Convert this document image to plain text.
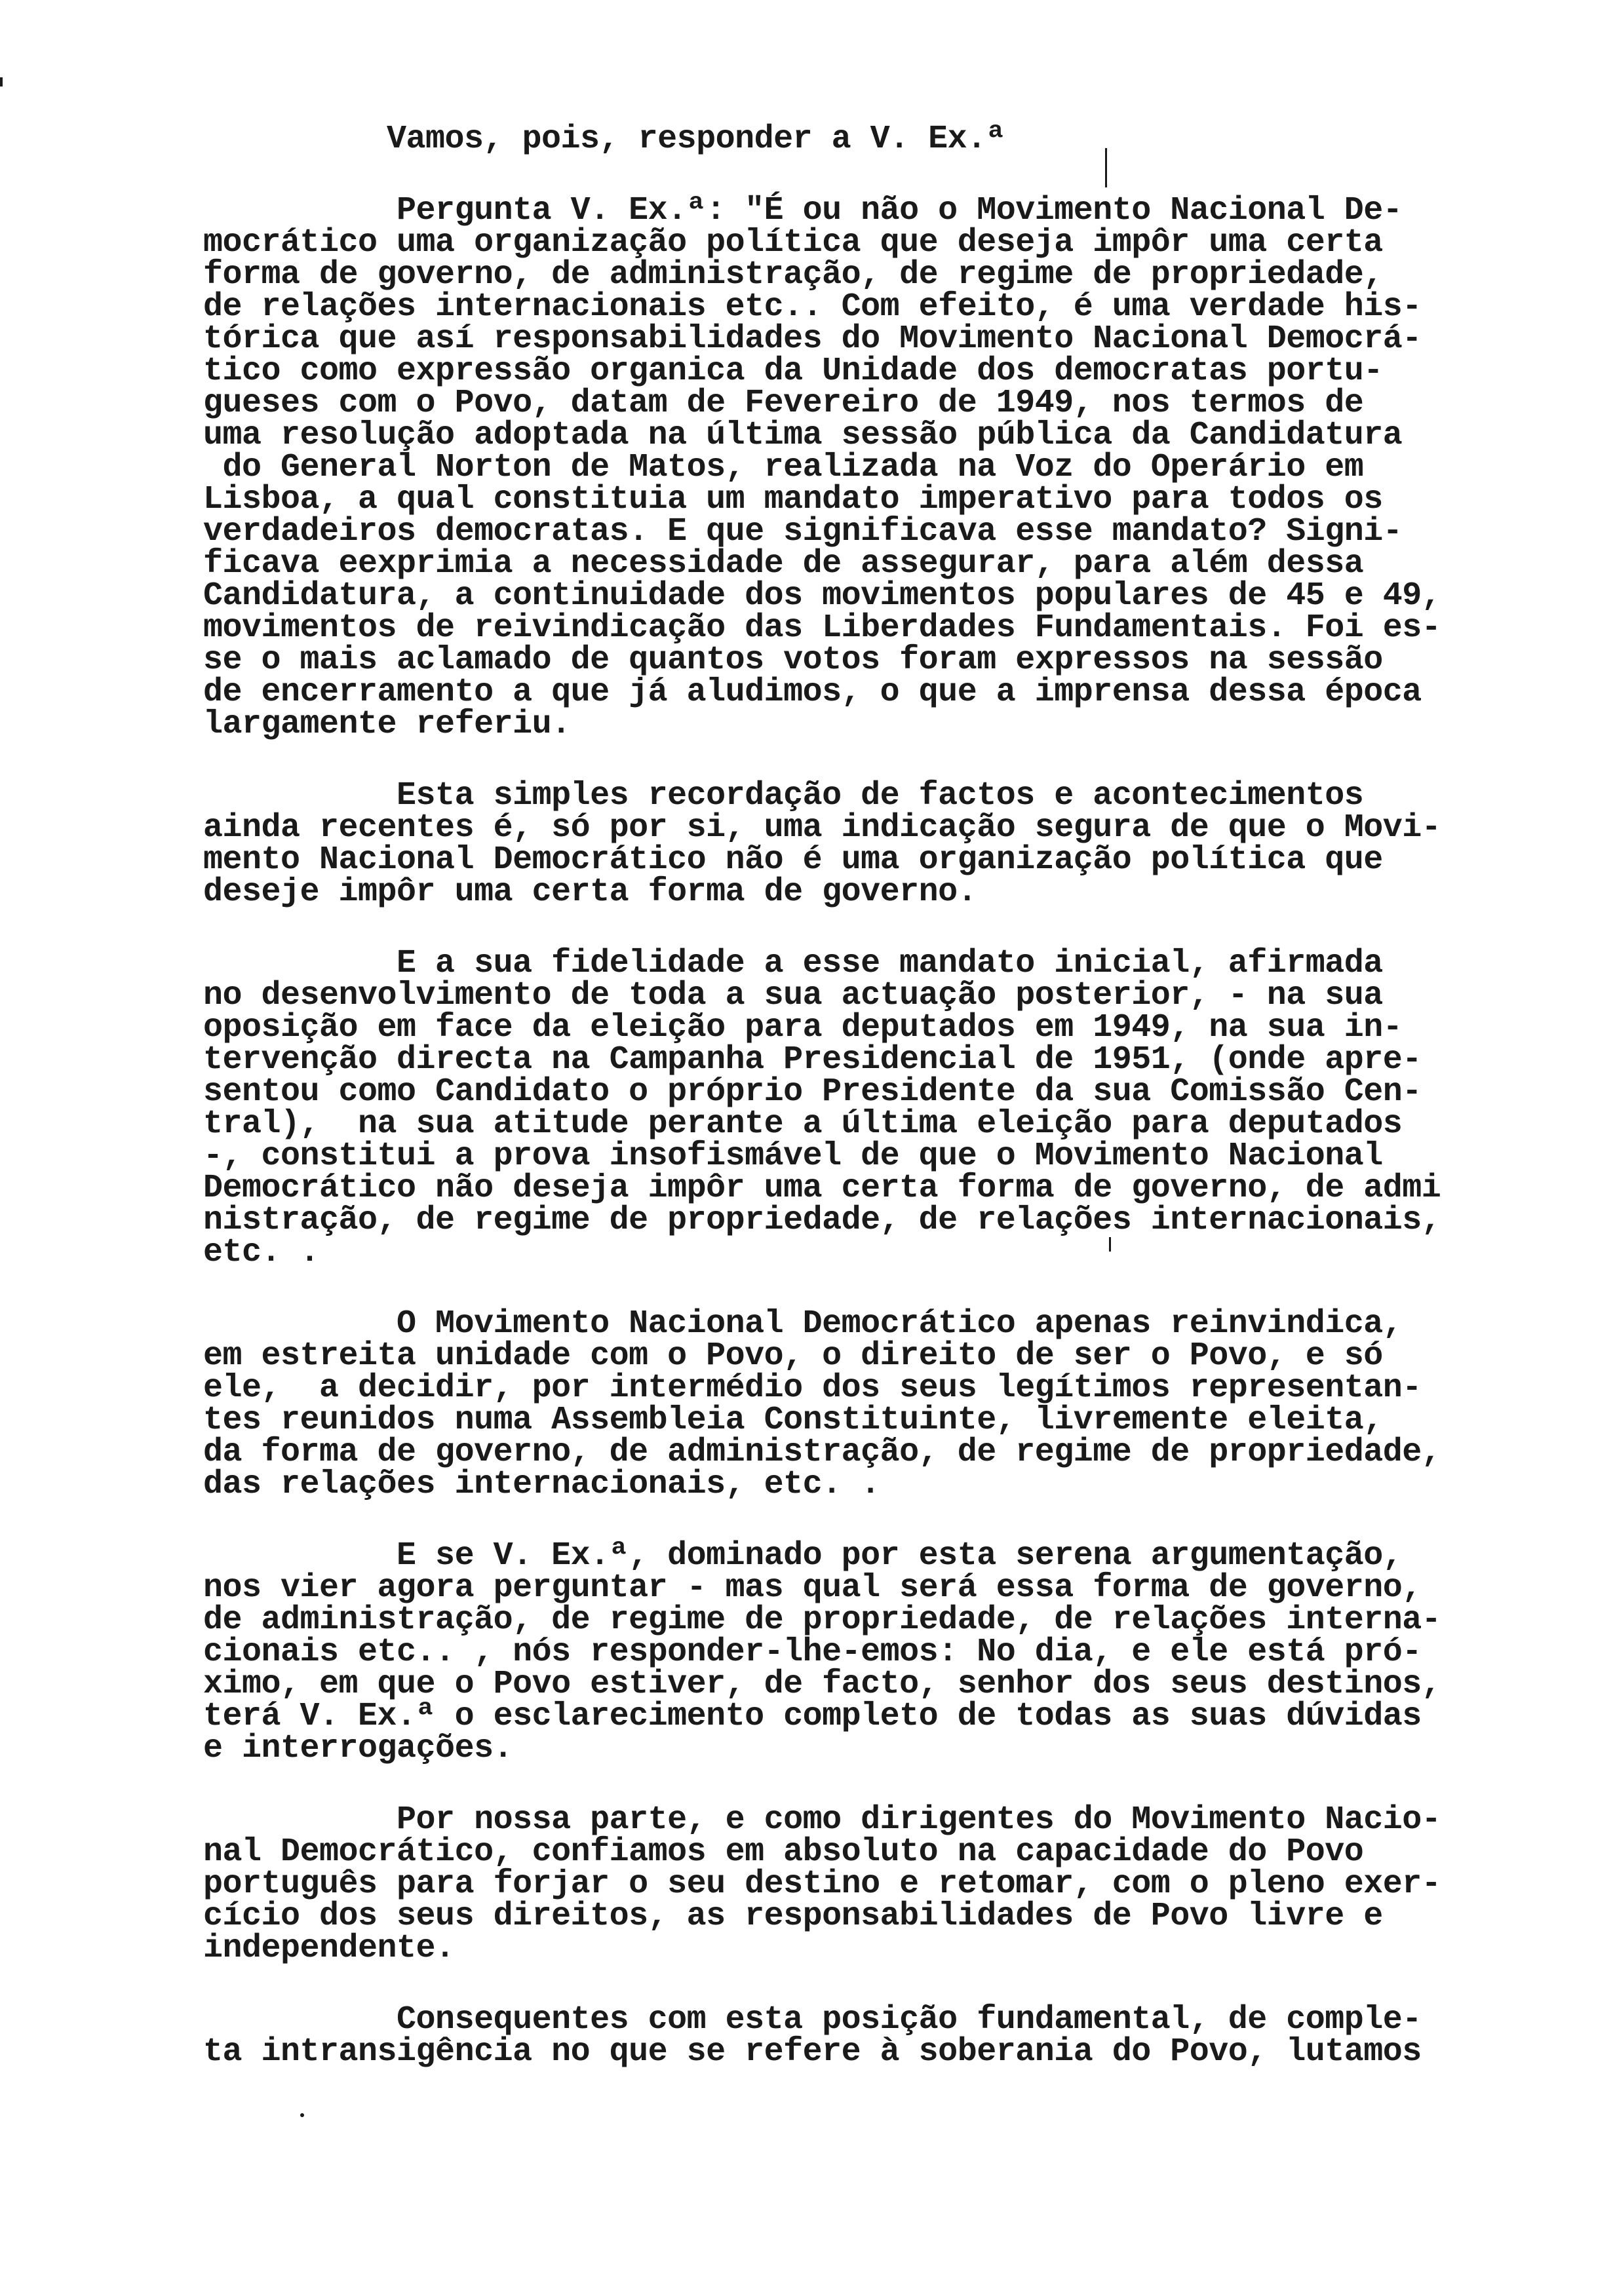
Vamos, pois, responder a V. Ex.ª
Pergunta V. Ex.ª: "É ou não o Movimento Nacional De-
mocrático uma organização política que deseja impôr uma certa
forma de governo, de administração, de regime de propriedade,
de relações internacionais etc.. Com efeito, é uma verdade his-
tórica que así responsabilidades do Movimento Nacional Democrá-
tico como expressão organica da Unidade dos democratas portu-
gueses com o Povo, datam de Fevereiro de 1949, nos termos de
uma resolução adoptada na última sessão pública da Candidatura
do General Norton de Matos, realizada na Voz do Operário em
Lisboa, a qual constituia um mandato imperativo para todos os
verdadeiros democratas. E que significava esse mandato? Signi-
ficava eexprimia a necessidade de assegurar, para além dessa
Candidatura, a continuidade dos movimentos populares de 45 e 49,
movimentos de reivindicação das Liberdades Fundamentais. Foi es-
se o mais aclamado de quantos votos foram expressos na sessão
de encerramento a que já aludimos, o que a imprensa dessa época
largamente referiu.
Esta simples recordação de factos e acontecimentos
ainda recentes é, só por si, uma indicação segura de que o Movi-
mento Nacional Democrático não é uma organização política que
deseje impôr uma certa forma de governo.
E a sua fidelidade a esse mandato inicial, afirmada
no desenvolvimento de toda a sua actuação posterior, - na sua
oposição em face da eleição para deputados em 1949, na sua in-
tervenção directa na Campanha Presidencial de 1951, (onde apre-
sentou como Candidato o próprio Presidente da sua Comissão Cen-
tral),  na sua atitude perante a última eleição para deputados
-, constitui a prova insofismável de que o Movimento Nacional
Democrático não deseja impôr uma certa forma de governo, de admi
nistração, de regime de propriedade, de relações internacionais,
etc. .
O Movimento Nacional Democrático apenas reinvindica,
em estreita unidade com o Povo, o direito de ser o Povo, e só
ele,  a decidir, por intermédio dos seus legítimos representan-
tes reunidos numa Assembleia Constituinte, livremente eleita,
da forma de governo, de administração, de regime de propriedade,
das relações internacionais, etc. .
E se V. Ex.ª, dominado por esta serena argumentação,
nos vier agora perguntar - mas qual será essa forma de governo,
de administração, de regime de propriedade, de relações interna-
cionais etc.. , nós responder-lhe-emos: No dia, e ele está pró-
ximo, em que o Povo estiver, de facto, senhor dos seus destinos,
terá V. Ex.ª o esclarecimento completo de todas as suas dúvidas
e interrogações.
Por nossa parte, e como dirigentes do Movimento Nacio-
nal Democrático, confiamos em absoluto na capacidade do Povo
português para forjar o seu destino e retomar, com o pleno exer-
cício dos seus direitos, as responsabilidades de Povo livre e
independente.
Consequentes com esta posição fundamental, de comple-
ta intransigência no que se refere à soberania do Povo, lutamos
